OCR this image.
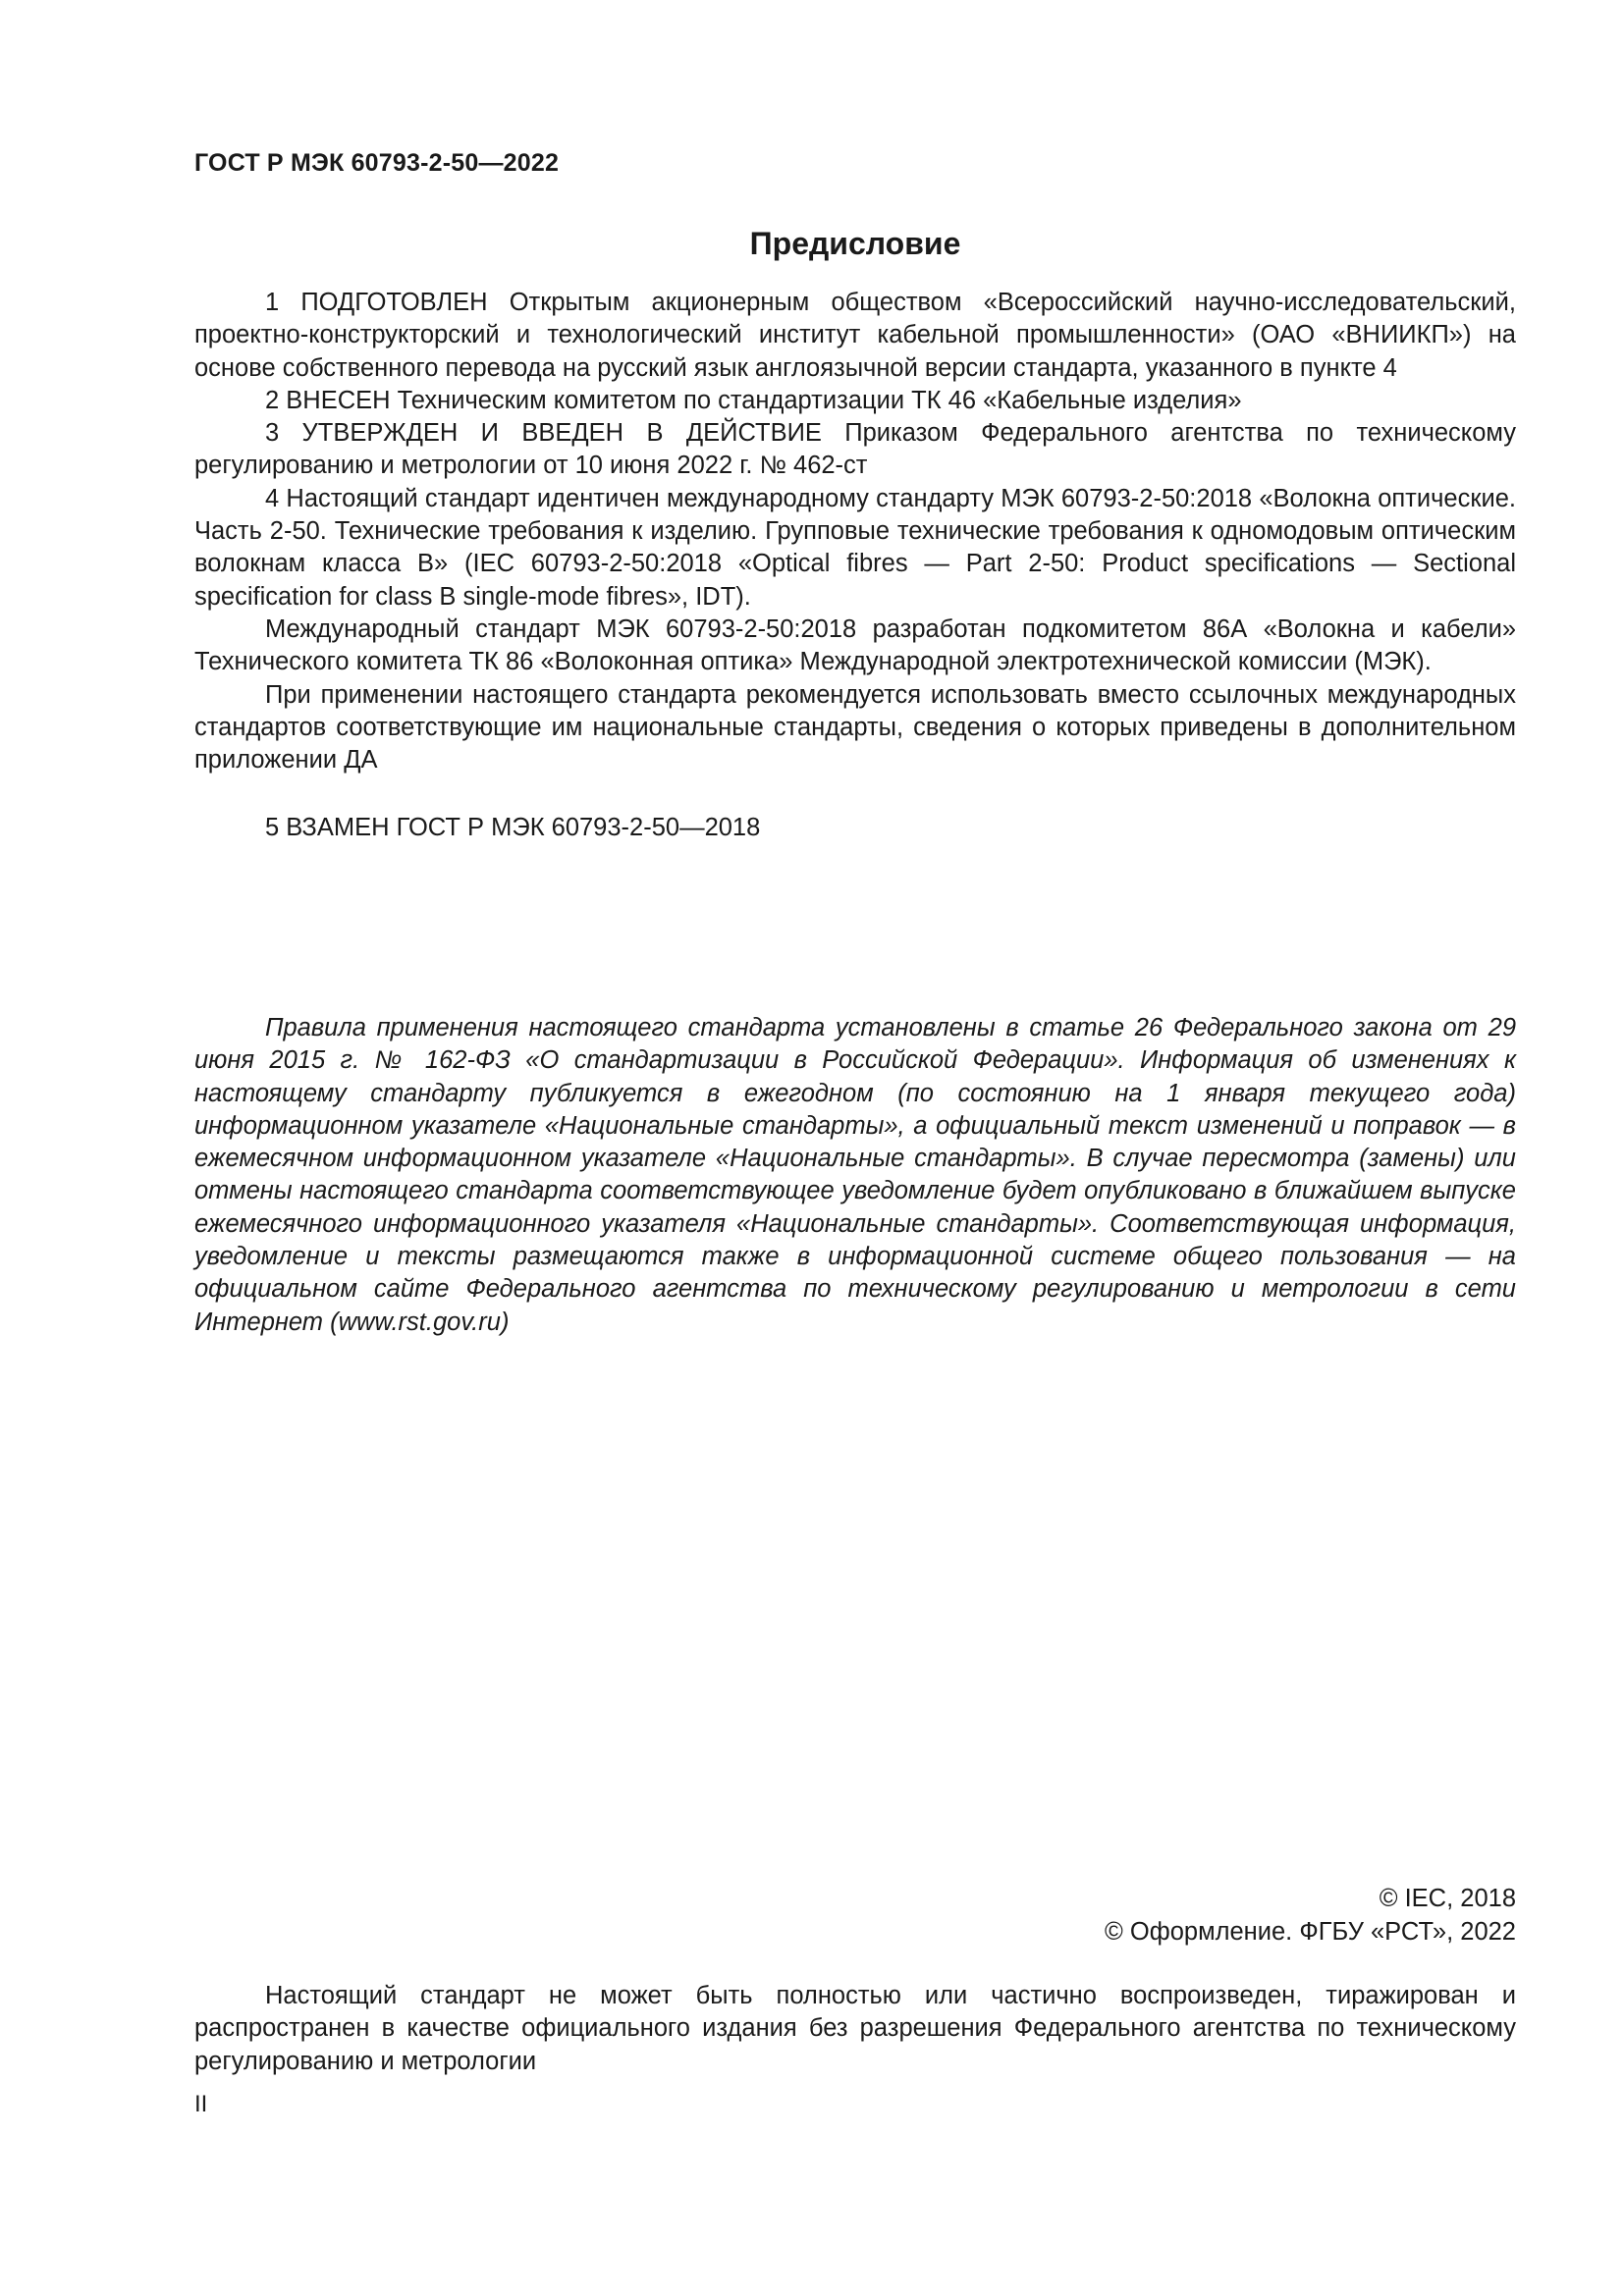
ГОСТ Р МЭК 60793-2-50—2022
Предисловие

1 ПОДГОТОВЛЕН Открытым акционерным обществом «Всероссийский научно-исследовательский, проектно-конструкторский и технологический институт кабельной промышленности» (ОАО «ВНИИКП») на основе собственного перевода на русский язык англоязычной версии стандарта, указанного в пункте 4

2 ВНЕСЕН Техническим комитетом по стандартизации ТК 46 «Кабельные изделия»

3 УТВЕРЖДЕН И ВВЕДЕН В ДЕЙСТВИЕ Приказом Федерального агентства по техническому регулированию и метрологии от 10 июня 2022 г. № 462-ст

4 Настоящий стандарт идентичен международному стандарту МЭК 60793-2-50:2018 «Волокна оптические. Часть 2-50. Технические требования к изделию. Групповые технические требования к одномодовым оптическим волокнам класса B» (IEC 60793-2-50:2018 «Optical fibres — Part 2-50: Product specifications — Sectional specification for class B single-mode fibres», IDT).

Международный стандарт МЭК 60793-2-50:2018 разработан подкомитетом 86А «Волокна и кабели» Технического комитета ТК 86 «Волоконная оптика» Международной электротехнической комиссии (МЭК).

При применении настоящего стандарта рекомендуется использовать вместо ссылочных международных стандартов соответствующие им национальные стандарты, сведения о которых приведены в дополнительном приложении ДА

5 ВЗАМЕН ГОСТ Р МЭК 60793-2-50—2018

Правила применения настоящего стандарта установлены в статье 26 Федерального закона от 29 июня 2015 г. № 162-ФЗ «О стандартизации в Российской Федерации». Информация об изменениях к настоящему стандарту публикуется в ежегодном (по состоянию на 1 января текущего года) информационном указателе «Национальные стандарты», а официальный текст изменений и поправок — в ежемесячном информационном указателе «Национальные стандарты». В случае пересмотра (замены) или отмены настоящего стандарта соответствующее уведомление будет опубликовано в ближайшем выпуске ежемесячного информационного указателя «Национальные стандарты». Соответствующая информация, уведомление и тексты размещаются также в информационной системе общего пользования — на официальном сайте Федерального агентства по техническому регулированию и метрологии в сети Интернет (www.rst.gov.ru)

© IEC, 2018
© Оформление. ФГБУ «РСТ», 2022

Настоящий стандарт не может быть полностью или частично воспроизведен, тиражирован и распространен в качестве официального издания без разрешения Федерального агентства по техническому регулированию и метрологии

II
